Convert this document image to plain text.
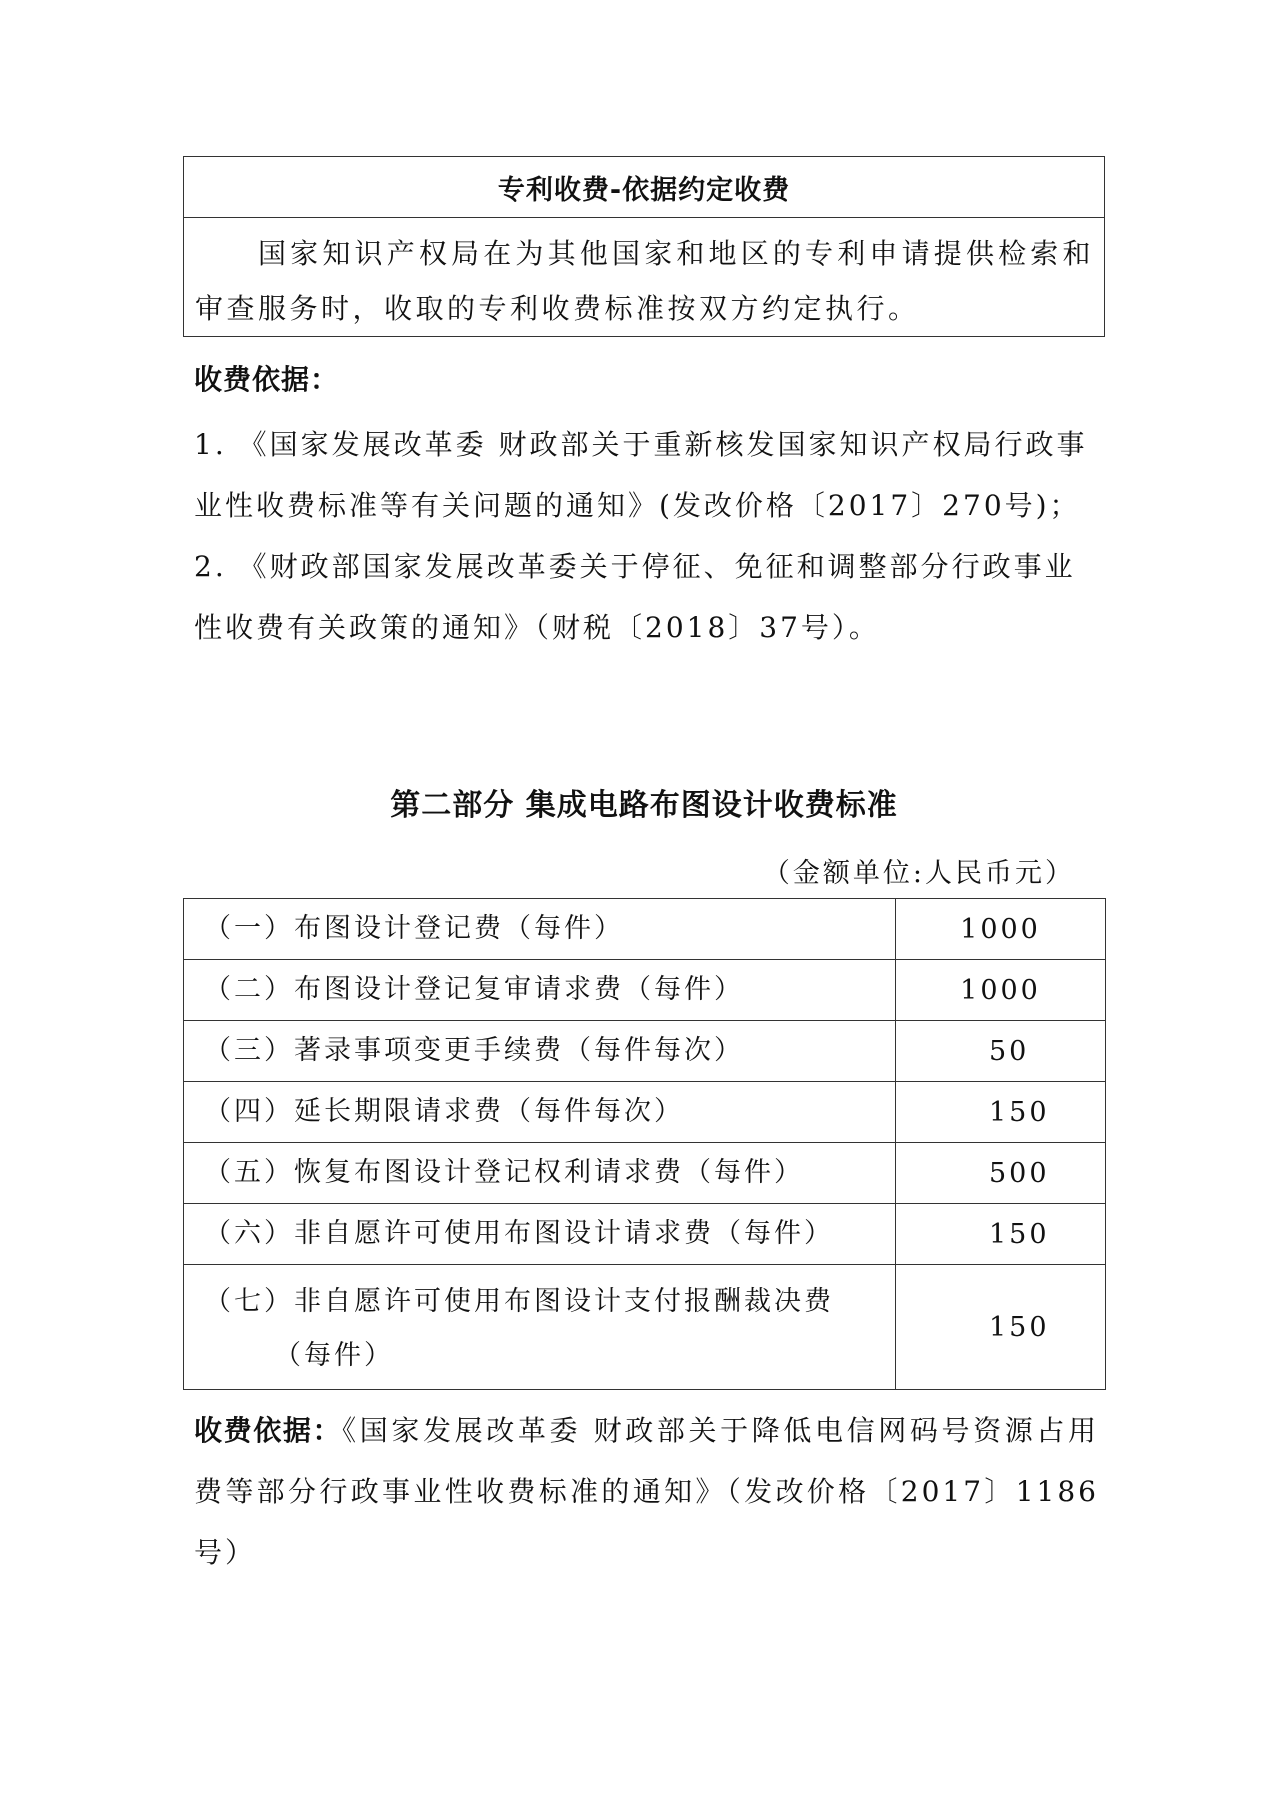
专利收费-依据约定收费

国家知识产权局在为其他国家和地区的专利申请提供检索和审查服务时，收取的专利收费标准按双方约定执行。
收费依据：

1. 《国家发展改革委 财政部关于重新核发国家知识产权局行政事业性收费标准等有关问题的通知》(发改价格〔2017〕270号)；

2. 《财政部国家发展改革委关于停征、免征和调整部分行政事业性收费有关政策的通知》（财税〔2018〕37号）。

第二部分 集成电路布图设计收费标准
（金额单位:人民币元）
（一）布图设计登记费（每件）	1000
（二）布图设计登记复审请求费（每件）	1000
（三）著录事项变更手续费（每件每次）	50
（四）延长期限请求费（每件每次）	150
（五）恢复布图设计登记权利请求费（每件）	500
（六）非自愿许可使用布图设计请求费（每件）	150
（七）非自愿许可使用布图设计支付报酬裁决费
（每件）	150
收费依据：《国家发展改革委 财政部关于降低电信网码号资源占用费等部分行政事业性收费标准的通知》（发改价格〔2017〕1186号）
